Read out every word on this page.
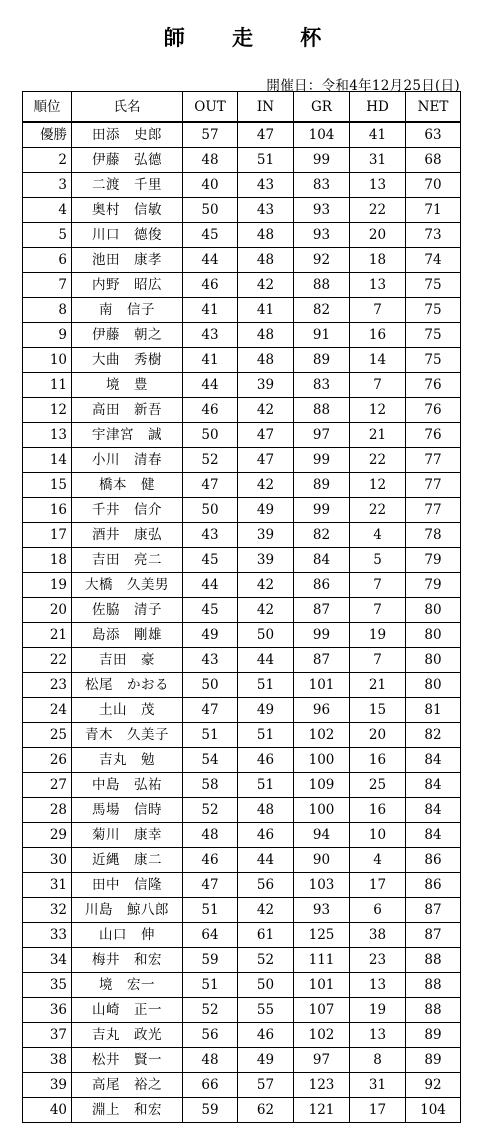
師 走 杯
開催日：令和4年12月25日(日)
順位	氏名	OUT	IN	GR	HD	NET
優勝	田添　史郎	57	47	104	41	63
2	伊藤　弘德	48	51	99	31	68
3	二渡　千里	40	43	83	13	70
4	奥村　信敏	50	43	93	22	71
5	川口　德俊	45	48	93	20	73
6	池田　康孝	44	48	92	18	74
7	内野　昭広	46	42	88	13	75
8	南　信子	41	41	82	7	75
9	伊藤　朝之	43	48	91	16	75
10	大曲　秀樹	41	48	89	14	75
11	境　豊	44	39	83	7	76
12	高田　新吾	46	42	88	12	76
13	宇津宮　誠	50	47	97	21	76
14	小川　清春	52	47	99	22	77
15	橋本　健	47	42	89	12	77
16	千井　信介	50	49	99	22	77
17	酒井　康弘	43	39	82	4	78
18	吉田　亮二	45	39	84	5	79
19	大橋　久美男	44	42	86	7	79
20	佐脇　清子	45	42	87	7	80
21	島添　剛雄	49	50	99	19	80
22	吉田　豪	43	44	87	7	80
23	松尾　かおる	50	51	101	21	80
24	土山　茂	47	49	96	15	81
25	青木　久美子	51	51	102	20	82
26	吉丸　勉	54	46	100	16	84
27	中島　弘祐	58	51	109	25	84
28	馬場　信時	52	48	100	16	84
29	菊川　康幸	48	46	94	10	84
30	近縄　康二	46	44	90	4	86
31	田中　信隆	47	56	103	17	86
32	川島　鯨八郎	51	42	93	6	87
33	山口　伸	64	61	125	38	87
34	梅井　和宏	59	52	111	23	88
35	境　宏一	51	50	101	13	88
36	山崎　正一	52	55	107	19	88
37	吉丸　政光	56	46	102	13	89
38	松井　賢一	48	49	97	8	89
39	高尾　裕之	66	57	123	31	92
40	淵上　和宏	59	62	121	17	104
